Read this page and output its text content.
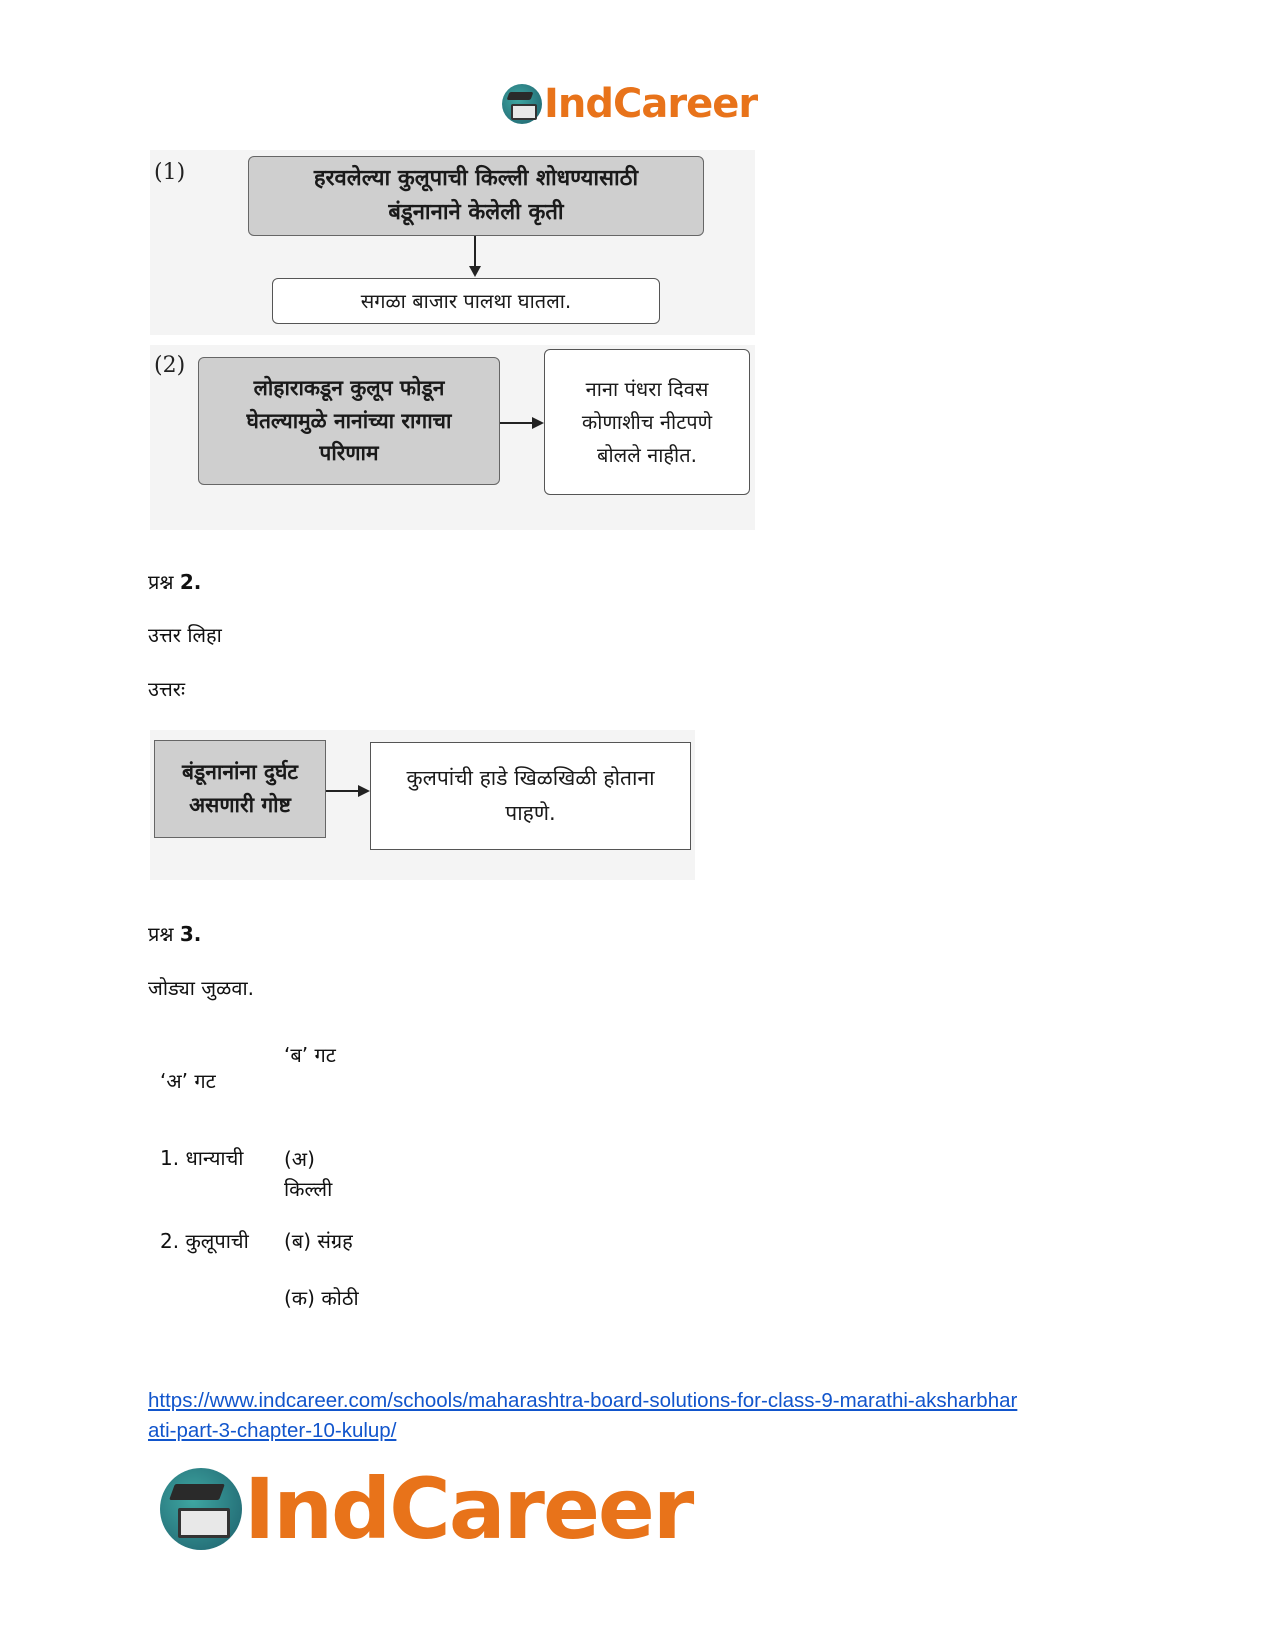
IndCareer
(1)	हरवलेल्या कुलूपाची किल्ली शोधण्यासाठी बंडूनानाने केलेली कृती
सगळा बाजार पालथा घातला.
(2)
लोहाराकडून कुलूप फोडून घेतल्यामुळे नानांच्या रागाचा परिणाम
नाना पंधरा दिवस कोणाशीच नीटपणे बोलले नाहीत.
प्रश्न 2.
उत्तर लिहा
उत्तरः
बंडूनानांना दुर्घट असणारी गोष्ट
कुलपांची हाडे खिळखिळी होताना पाहणे.
प्रश्न 3.
जोड्या जुळवा.
‘अ’ गट
‘ब’ गट
1. धान्याची
2. कुलूपाची
(अ) किल्ली
(ब) संग्रह
(क) कोठी
https://www.indcareer.com/schools/maharashtra-board-solutions-for-class-9-marathi-aksharbhar
ati-part-3-chapter-10-kulup/
IndCareer
